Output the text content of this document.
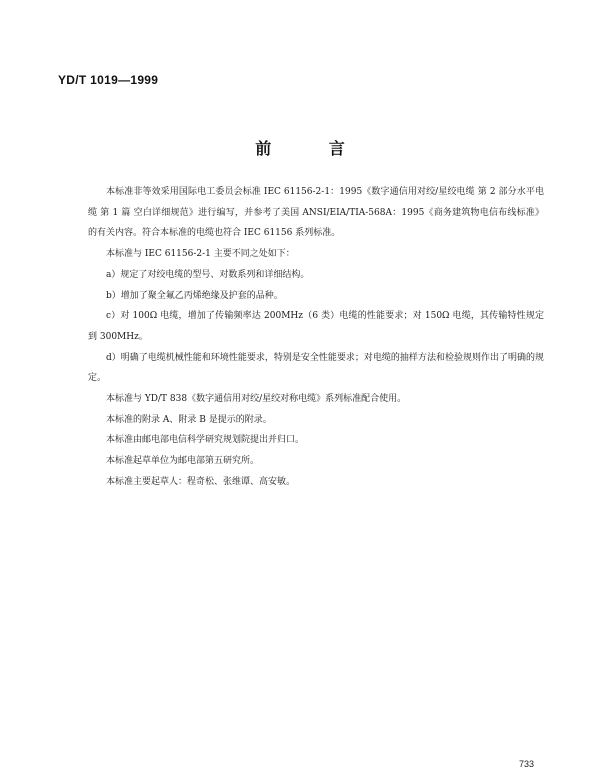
YD/T 1019—1999
前 言

本标准非等效采用国际电工委员会标准 IEC 61156-2-1：1995《数字通信用对绞/星绞电缆 第 2 部分水平电缆 第 1 篇 空白详细规范》进行编写，并参考了美国 ANSI/EIA/TIA-568A：1995《商务建筑物电信布线标准》的有关内容。符合本标准的电缆也符合 IEC 61156 系列标准。

本标准与 IEC 61156-2-1 主要不同之处如下：

a）规定了对绞电缆的型号、对数系列和详细结构。

b）增加了聚全氟乙丙烯绝缘及护套的品种。

c）对 100Ω 电缆，增加了传输频率达 200MHz（6 类）电缆的性能要求；对 150Ω 电缆，其传输特性规定到 300MHz。

d）明确了电缆机械性能和环境性能要求，特别是安全性能要求；对电缆的抽样方法和检验规则作出了明确的规定。

本标准与 YD/T 838《数字通信用对绞/星绞对称电缆》系列标准配合使用。

本标准的附录 A、附录 B 是提示的附录。

本标准由邮电部电信科学研究规划院提出并归口。

本标准起草单位为邮电部第五研究所。

本标准主要起草人：程奇松、张维谭、高安敏。

733
